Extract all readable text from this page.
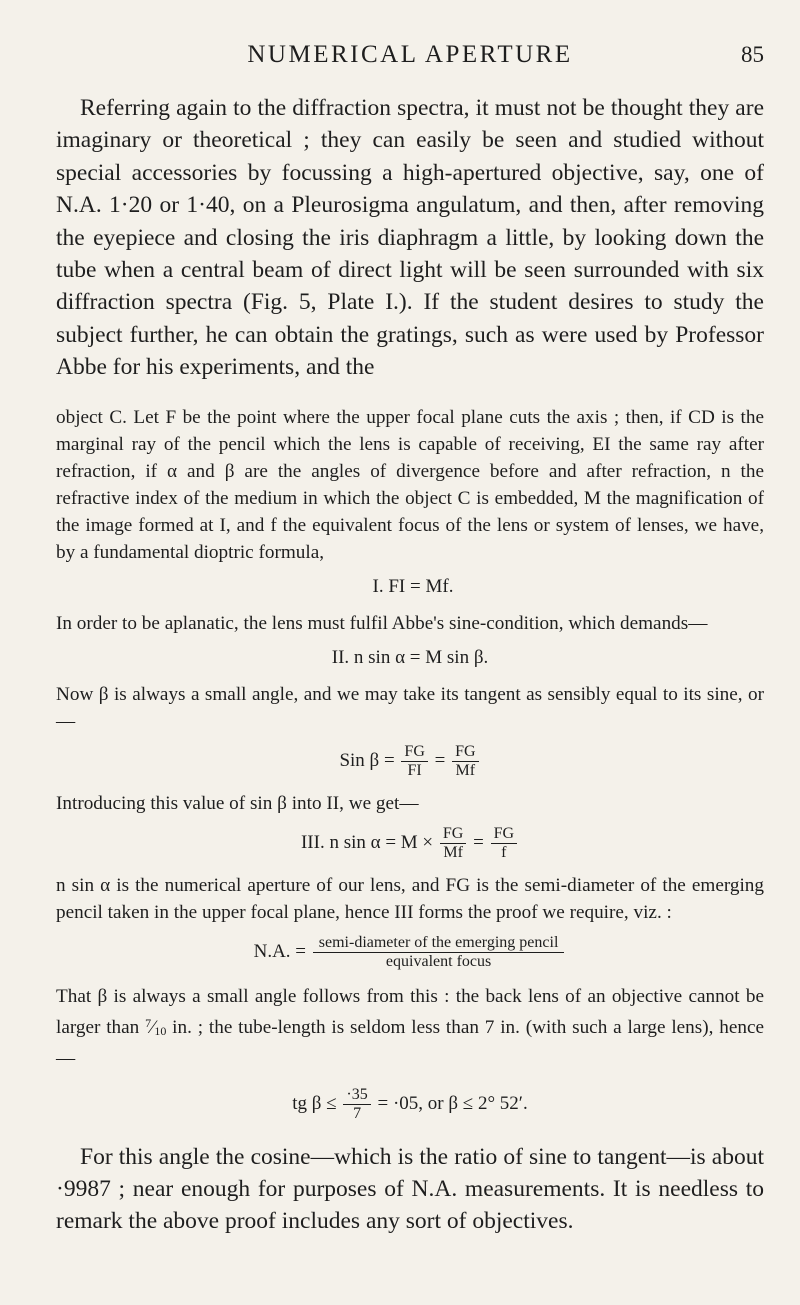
NUMERICAL APERTURE	85

Referring again to the diffraction spectra, it must not be thought they are imaginary or theoretical ; they can easily be seen and studied without special accessories by focussing a high-apertured objective, say, one of N.A. 1·20 or 1·40, on a Pleurosigma angulatum, and then, after removing the eyepiece and closing the iris diaphragm a little, by looking down the tube when a central beam of direct light will be seen surrounded with six diffraction spectra (Fig. 5, Plate I.). If the student desires to study the subject further, he can obtain the gratings, such as were used by Professor Abbe for his experiments, and the

object C. Let F be the point where the upper focal plane cuts the axis ; then, if CD is the marginal ray of the pencil which the lens is capable of receiving, EI the same ray after refraction, if α and β are the angles of divergence before and after refraction, n the refractive index of the medium in which the object C is embedded, M the magnification of the image formed at I, and f the equivalent focus of the lens or system of lenses, we have, by a fundamental dioptric formula,

I. FI = Mf.

In order to be aplanatic, the lens must fulfil Abbe's sine-condition, which demands—

II. n sin α = M sin β.

Now β is always a small angle, and we may take its tangent as sensibly equal to its sine, or—

Sin $\beta = \frac{FG}{FI} = \frac{FG}{Mf}$

Introducing this value of sin β into II, we get—

III. n $\sin \alpha = M \times \frac{FG}{Mf} = \frac{FG}{f}$

n sin α is the numerical aperture of our lens, and FG is the semi-diameter of the emerging pencil taken in the upper focal plane, hence III forms the proof we require, viz. :

N.A. = $\frac{\text{semi-diameter of the emerging pencil}}{\text{equivalent focus}}$

That β is always a small angle follows from this : the back lens of an objective cannot be larger than $^7⁄_{10}$ in. ; the tube-length is seldom less than 7 in. (with such a large lens), hence—

tg $\beta \le \frac{\cdot 35}{7} = \cdot 05$, or β ≤ 2° 52′.

For this angle the cosine—which is the ratio of sine to tangent—is about ·9987 ; near enough for purposes of N.A. measurements. It is needless to remark the above proof includes any sort of objectives.
